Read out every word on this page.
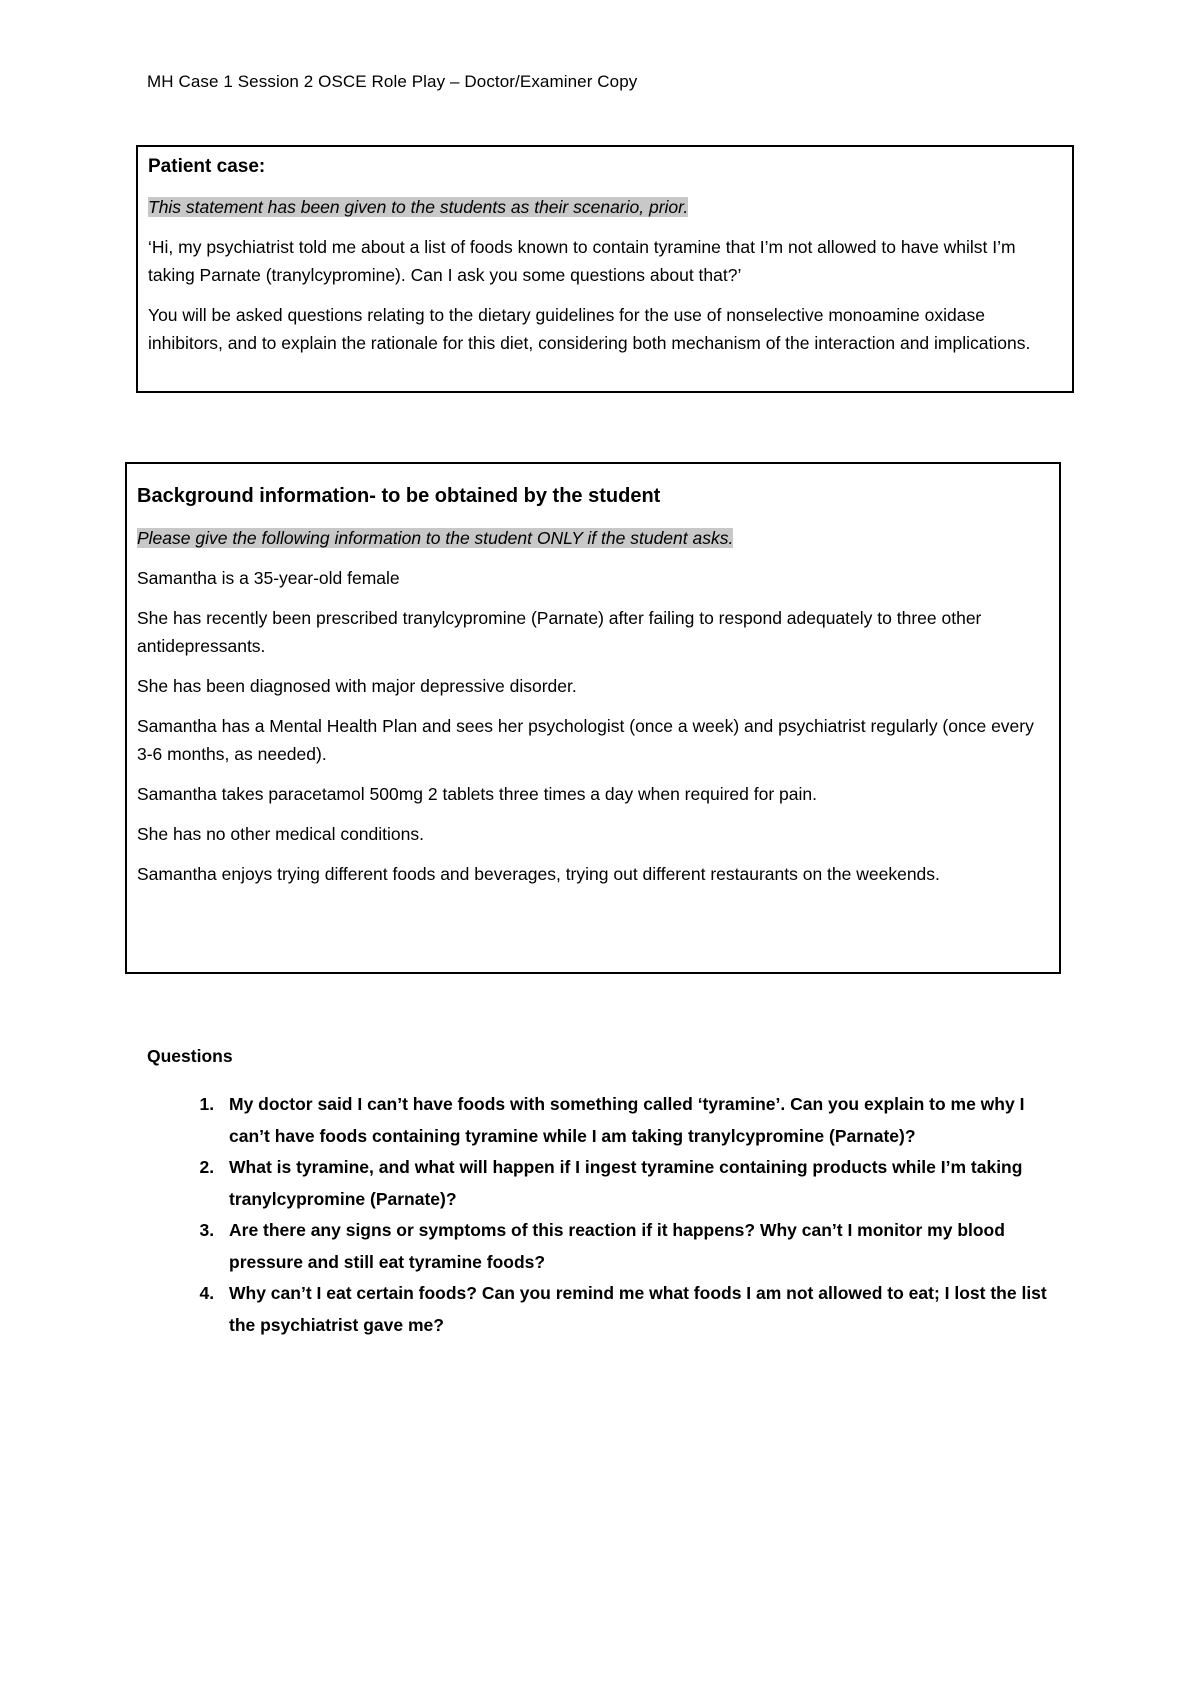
MH Case 1 Session 2 OSCE Role Play – Doctor/Examiner Copy

Patient case:

This statement has been given to the students as their scenario, prior.

‘Hi, my psychiatrist told me about a list of foods known to contain tyramine that I’m not allowed to have whilst I’m taking Parnate (tranylcypromine). Can I ask you some questions about that?’

You will be asked questions relating to the dietary guidelines for the use of nonselective monoamine oxidase inhibitors, and to explain the rationale for this diet, considering both mechanism of the interaction and implications.

Background information- to be obtained by the student

Please give the following information to the student ONLY if the student asks.

Samantha is a 35-year-old female

She has recently been prescribed tranylcypromine (Parnate) after failing to respond adequately to three other antidepressants.

She has been diagnosed with major depressive disorder.

Samantha has a Mental Health Plan and sees her psychologist (once a week) and psychiatrist regularly (once every 3-6 months, as needed).

Samantha takes paracetamol 500mg 2 tablets three times a day when required for pain.

She has no other medical conditions.

Samantha enjoys trying different foods and beverages, trying out different restaurants on the weekends.

Questions
1. My doctor said I can’t have foods with something called ‘tyramine’. Can you explain to me why I can’t have foods containing tyramine while I am taking tranylcypromine (Parnate)?
2. What is tyramine, and what will happen if I ingest tyramine containing products while I’m taking tranylcypromine (Parnate)?
3. Are there any signs or symptoms of this reaction if it happens? Why can’t I monitor my blood pressure and still eat tyramine foods?
4. Why can’t I eat certain foods? Can you remind me what foods I am not allowed to eat; I lost the list the psychiatrist gave me?
